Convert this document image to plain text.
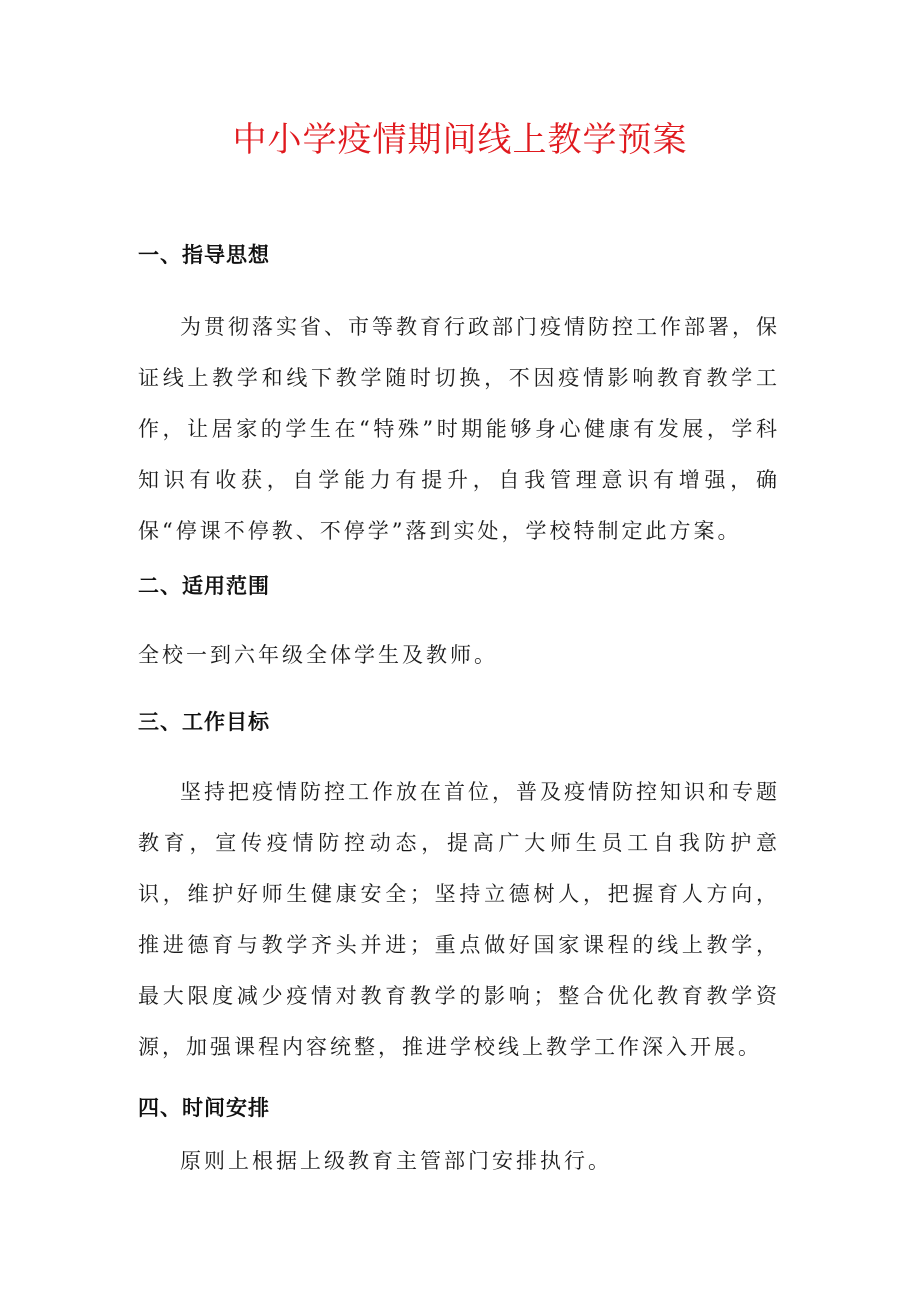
中小学疫情期间线上教学预案
一、指导思想

为贯彻落实省、市等教育行政部门疫情防控工作部署，保证线上教学和线下教学随时切换，不因疫情影响教育教学工作，让居家的学生在“特殊”时期能够身心健康有发展，学科知识有收获，自学能力有提升，自我管理意识有增强，确保“停课不停教、不停学”落到实处，学校特制定此方案。

二、适用范围

全校一到六年级全体学生及教师。

三、工作目标

坚持把疫情防控工作放在首位，普及疫情防控知识和专题教育，宣传疫情防控动态，提高广大师生员工自我防护意识，维护好师生健康安全；坚持立德树人，把握育人方向，推进德育与教学齐头并进；重点做好国家课程的线上教学，最大限度减少疫情对教育教学的影响；整合优化教育教学资源，加强课程内容统整，推进学校线上教学工作深入开展。

四、时间安排

原则上根据上级教育主管部门安排执行。
